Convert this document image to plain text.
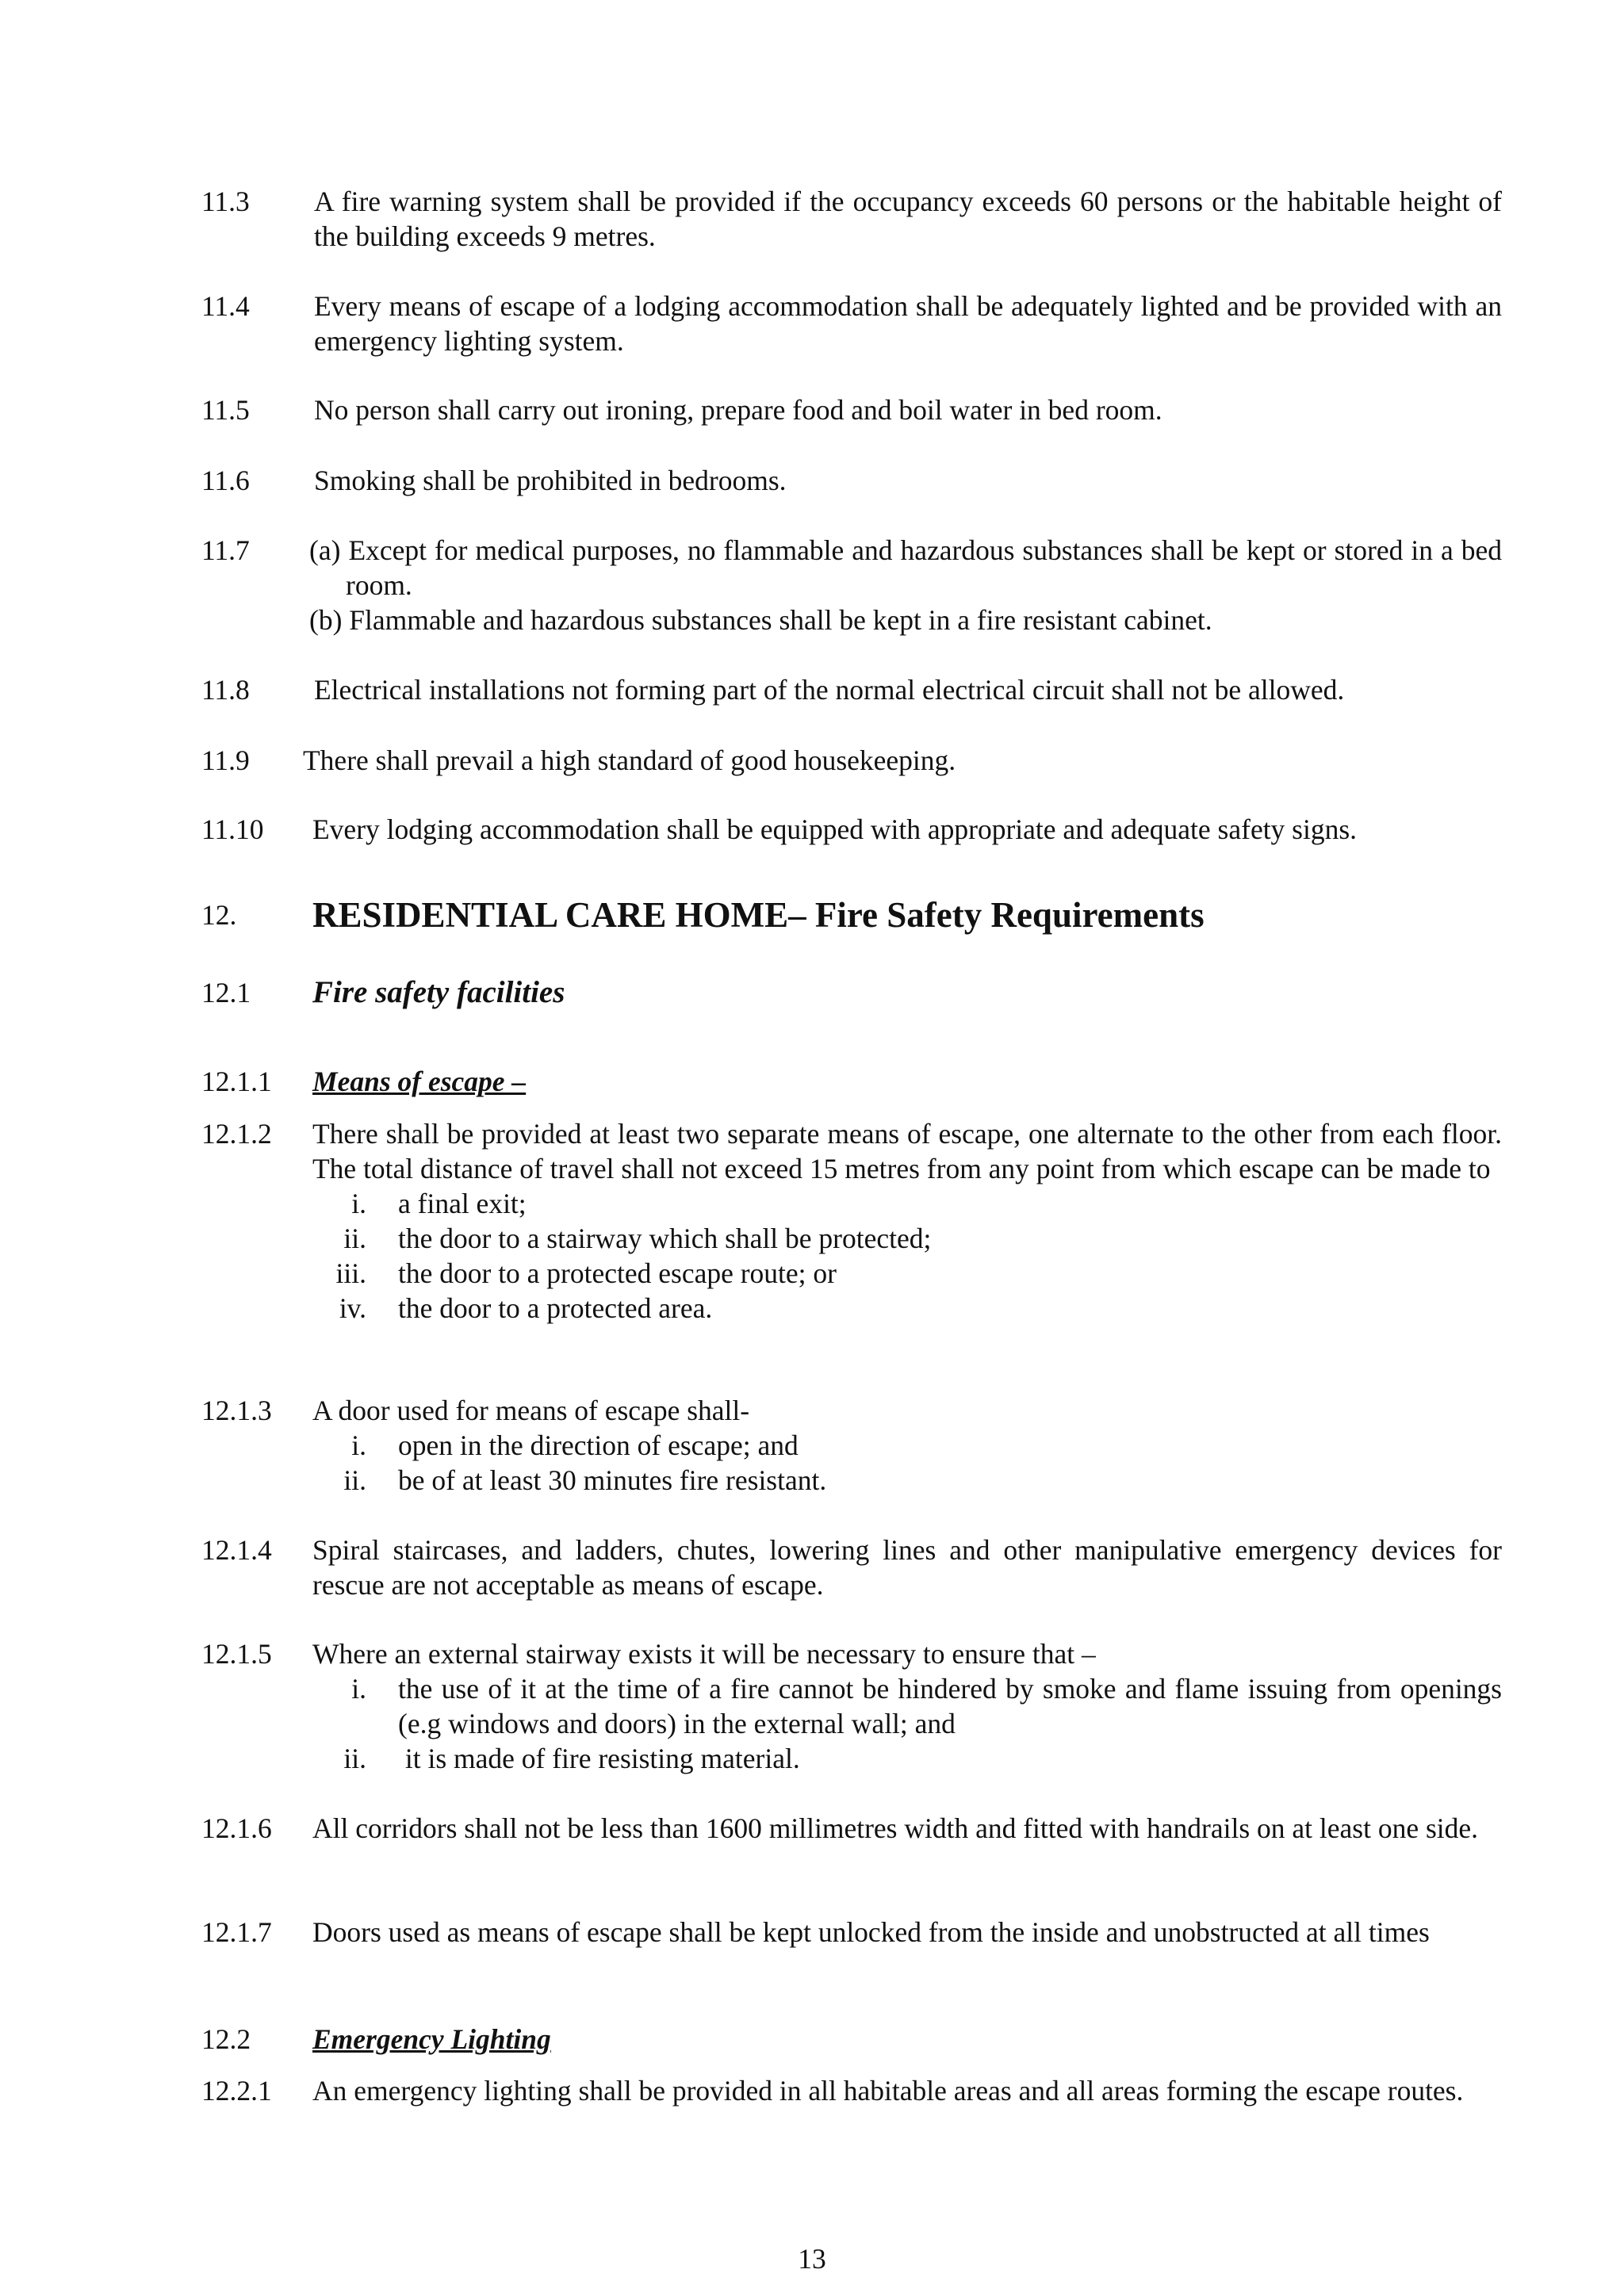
11.3 A fire warning system shall be provided if the occupancy exceeds 60 persons or the habitable height of the building exceeds 9 metres.

11.4 Every means of escape of a lodging accommodation shall be adequately lighted and be provided with an emergency lighting system.

11.5 No person shall carry out ironing, prepare food and boil water in bed room.

11.6 Smoking shall be prohibited in bedrooms.

11.7 (a) Except for medical purposes, no flammable and hazardous substances shall be kept or stored in a bed room.

(b) Flammable and hazardous substances shall be kept in a fire resistant cabinet.

11.8 Electrical installations not forming part of the normal electrical circuit shall not be allowed.

11.9 There shall prevail a high standard of good housekeeping.

11.10 Every lodging accommodation shall be equipped with appropriate and adequate safety signs.

12. RESIDENTIAL CARE HOME– Fire Safety Requirements

12.1 Fire safety facilities

12.1.1 Means of escape –

12.1.2 There shall be provided at least two separate means of escape, one alternate to the other from each floor. The total distance of travel shall not exceed 15 metres from any point from which escape can be made to

i. a final exit;
ii. the door to a stairway which shall be protected;
iii. the door to a protected escape route; or
iv. the door to a protected area.
12.1.3 A door used for means of escape shall-

i. open in the direction of escape; and
ii. be of at least 30 minutes fire resistant.
12.1.4 Spiral staircases, and ladders, chutes, lowering lines and other manipulative emergency devices for rescue are not acceptable as means of escape.

12.1.5 Where an external stairway exists it will be necessary to ensure that –

i. the use of it at the time of a fire cannot be hindered by smoke and flame issuing from openings (e.g windows and doors) in the external wall; and
ii. it is made of fire resisting material.
12.1.6 All corridors shall not be less than 1600 millimetres width and fitted with handrails on at least one side.

12.1.7 Doors used as means of escape shall be kept unlocked from the inside and unobstructed at all times

12.2 Emergency Lighting

12.2.1 An emergency lighting shall be provided in all habitable areas and all areas forming the escape routes.

13
